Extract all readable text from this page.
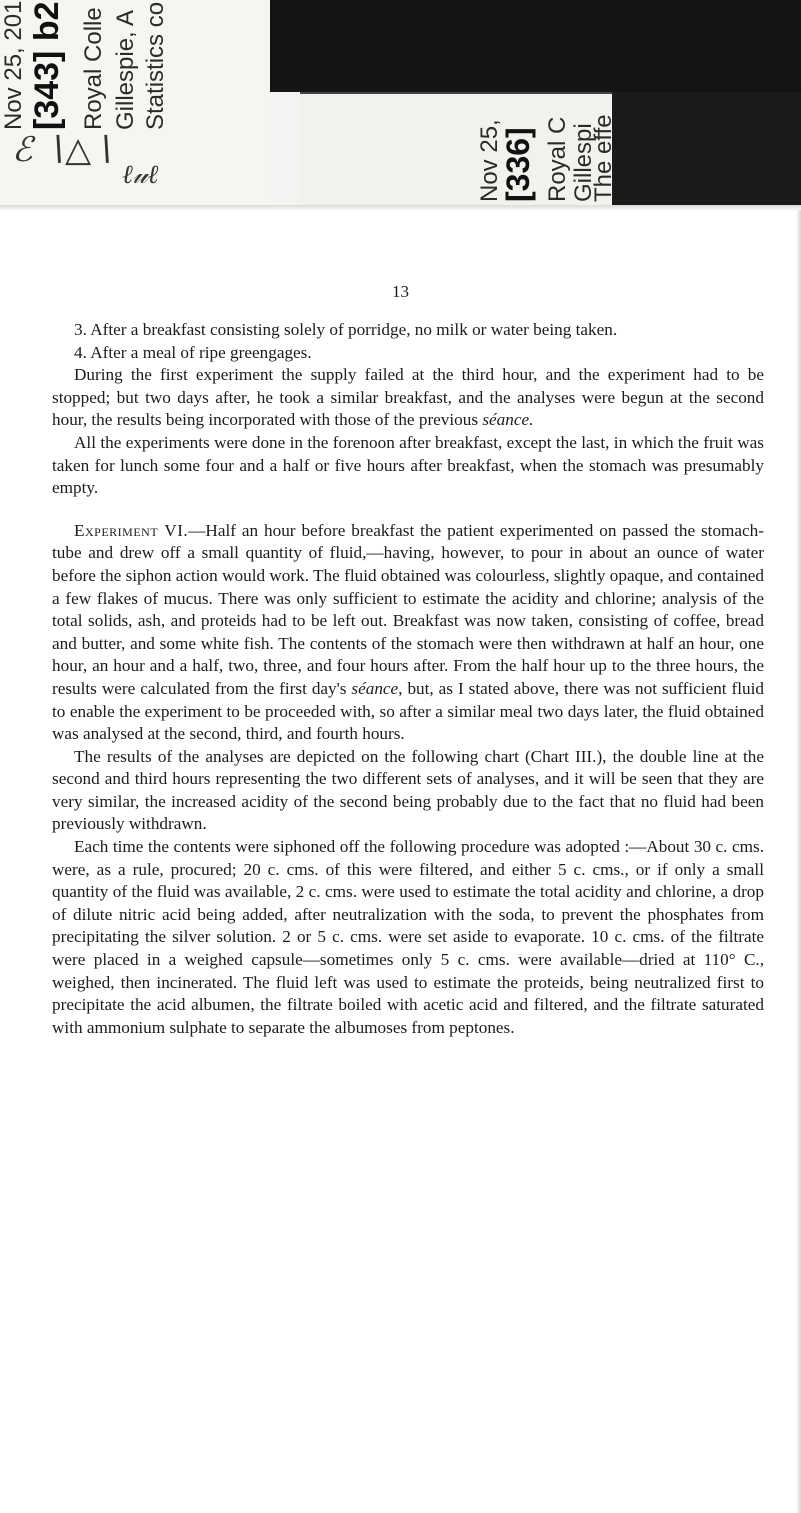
Nov 25, 201 [343] b2 Royal Colle Gillespie, A Statistics co
ℰ ∖△∖
ℓ𝓊ℓ	Nov 25,
[336] Royal C Gillespi
The effe
13

3. After a breakfast consisting solely of porridge, no milk or water being taken.

4. After a meal of ripe greengages.

During the first experiment the supply failed at the third hour, and the experiment had to be stopped; but two days after, he took a similar breakfast, and the analyses were begun at the second hour, the results being incorporated with those of the previous séance.

All the experiments were done in the forenoon after breakfast, except the last, in which the fruit was taken for lunch some four and a half or five hours after breakfast, when the stomach was presumably empty.

Experiment VI.—Half an hour before breakfast the patient experimented on passed the stomach-tube and drew off a small quantity of fluid,—having, however, to pour in about an ounce of water before the siphon action would work. The fluid obtained was colourless, slightly opaque, and contained a few flakes of mucus. There was only sufficient to estimate the acidity and chlorine; analysis of the total solids, ash, and proteids had to be left out. Breakfast was now taken, consisting of coffee, bread and butter, and some white fish. The contents of the stomach were then withdrawn at half an hour, one hour, an hour and a half, two, three, and four hours after. From the half hour up to the three hours, the results were calculated from the first day's séance, but, as I stated above, there was not sufficient fluid to enable the experiment to be proceeded with, so after a similar meal two days later, the fluid obtained was analysed at the second, third, and fourth hours.

The results of the analyses are depicted on the following chart (Chart III.), the double line at the second and third hours representing the two different sets of analyses, and it will be seen that they are very similar, the increased acidity of the second being probably due to the fact that no fluid had been previously withdrawn.

Each time the contents were siphoned off the following procedure was adopted :—About 30 c. cms. were, as a rule, procured; 20 c. cms. of this were filtered, and either 5 c. cms., or if only a small quantity of the fluid was available, 2 c. cms. were used to estimate the total acidity and chlorine, a drop of dilute nitric acid being added, after neutralization with the soda, to prevent the phosphates from precipitating the silver solution. 2 or 5 c. cms. were set aside to evaporate. 10 c. cms. of the filtrate were placed in a weighed capsule—sometimes only 5 c. cms. were available—dried at 110° C., weighed, then incinerated. The fluid left was used to estimate the proteids, being neutralized first to precipitate the acid albumen, the filtrate boiled with acetic acid and filtered, and the filtrate saturated with ammonium sulphate to separate the albumoses from peptones.
